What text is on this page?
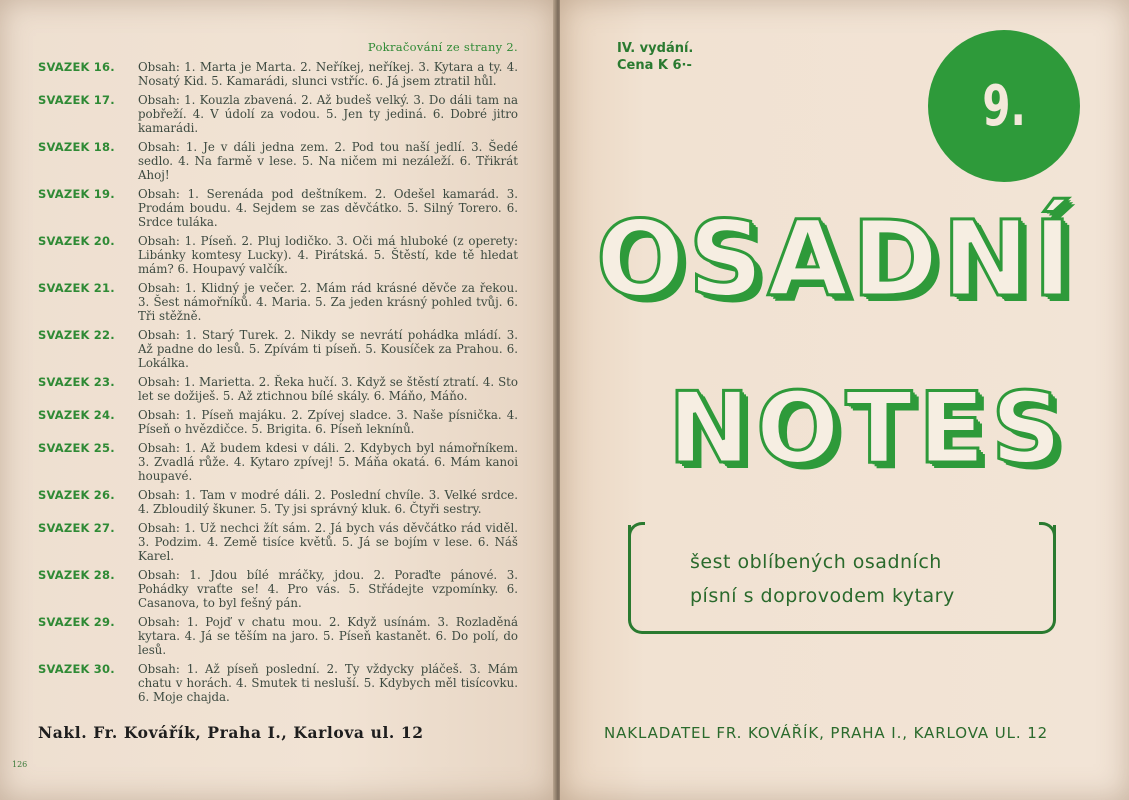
Pokračování ze strany 2.
SVAZEK 16.	Obsah: 1. Marta je Marta. 2. Neříkej, neříkej. 3. Kytara a ty. 4. Nosatý Kid. 5. Kamarádi, slunci vstříc. 6. Já jsem ztratil hůl.
SVAZEK 17.	Obsah: 1. Kouzla zbavená. 2. Až budeš velký. 3. Do dáli tam na pobřeží. 4. V údolí za vodou. 5. Jen ty jediná. 6. Dobré jitro kamarádi.
SVAZEK 18.	Obsah: 1. Je v dáli jedna zem. 2. Pod tou naší jedlí. 3. Šedé sedlo. 4. Na farmě v lese. 5. Na ničem mi nezáleží. 6. Třikrát Ahoj!
SVAZEK 19.	Obsah: 1. Serenáda pod deštníkem. 2. Odešel kamarád. 3. Prodám boudu. 4. Sejdem se zas děvčátko. 5. Silný Torero. 6. Srdce tuláka.
SVAZEK 20.	Obsah: 1. Píseň. 2. Pluj lodičko. 3. Oči má hluboké (z operety: Libánky komtesy Lucky). 4. Pirátská. 5. Štěstí, kde tě hledat mám? 6. Houpavý valčík.
SVAZEK 21.	Obsah: 1. Klidný je večer. 2. Mám rád krásné děvče za řekou. 3. Šest námořníků. 4. Maria. 5. Za jeden krásný pohled tvůj. 6. Tři stěžně.
SVAZEK 22.	Obsah: 1. Starý Turek. 2. Nikdy se nevrátí pohádka mládí. 3. Až padne do lesů. 5. Zpívám ti píseň. 5. Kousíček za Prahou. 6. Lokálka.
SVAZEK 23.	Obsah: 1. Marietta. 2. Řeka hučí. 3. Když se štěstí ztratí. 4. Sto let se dožiješ. 5. Až ztichnou bílé skály. 6. Máňo, Máňo.
SVAZEK 24.	Obsah: 1. Píseň majáku. 2. Zpívej sladce. 3. Naše písnička. 4. Píseň o hvězdičce. 5. Brigita. 6. Píseň leknínů.
SVAZEK 25.	Obsah: 1. Až budem kdesi v dáli. 2. Kdybych byl námořníkem. 3. Zvadlá růže. 4. Kytaro zpívej! 5. Máňa okatá. 6. Mám kanoi houpavé.
SVAZEK 26.	Obsah: 1. Tam v modré dáli. 2. Poslední chvíle. 3. Velké srdce. 4. Zbloudilý škuner. 5. Ty jsi správný kluk. 6. Čtyři sestry.
SVAZEK 27.	Obsah: 1. Už nechci žít sám. 2. Já bych vás děvčátko rád viděl. 3. Podzim. 4. Země tisíce květů. 5. Já se bojím v lese. 6. Náš Karel.
SVAZEK 28.	Obsah: 1. Jdou bílé mráčky, jdou. 2. Poraďte pánové. 3. Pohádky vraťte se! 4. Pro vás. 5. Střádejte vzpomínky. 6. Casanova, to byl fešný pán.
SVAZEK 29.	Obsah: 1. Pojď v chatu mou. 2. Když usínám. 3. Rozladěná kytara. 4. Já se těším na jaro. 5. Píseň kastanět. 6. Do polí, do lesů.
SVAZEK 30.	Obsah: 1. Až píseň poslední. 2. Ty vždycky pláčeš. 3. Mám chatu v horách. 4. Smutek ti nesluší. 5. Kdybych měl tisícovku. 6. Moje chajda.
Nakl. Fr. Kovářík, Praha I., Karlova ul. 12
126
IV. vydání.
Cena K 6·-
9.
OSADNÍ
NOTES
šest oblíbených osadních
písní s doprovodem kytary
NAKLADATEL FR. KOVÁŘÍK, PRAHA I., KARLOVA UL. 12
